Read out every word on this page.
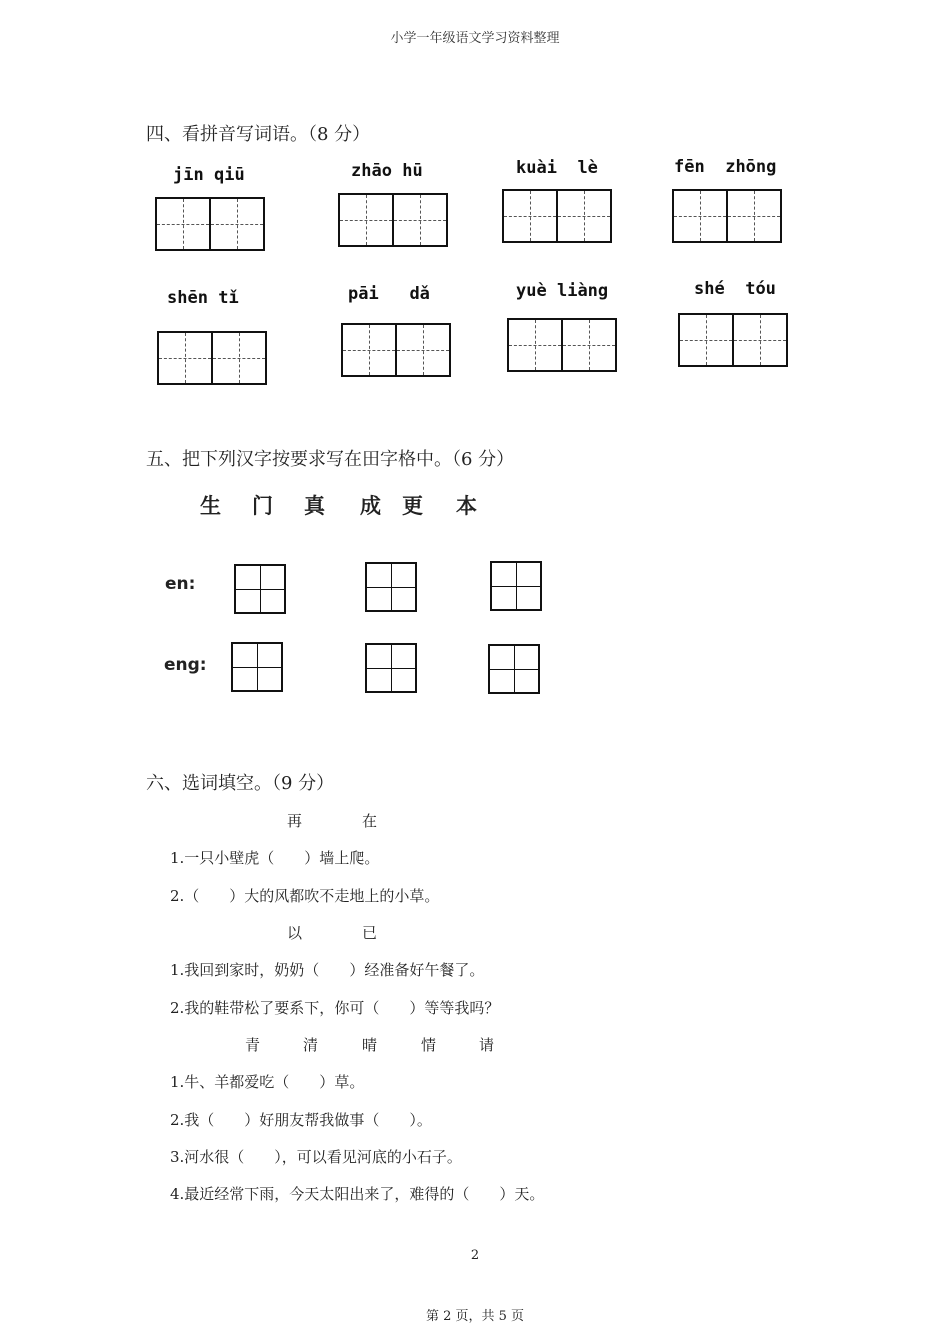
小学一年级语文学习资料整理
四、看拼音写词语。（8 分）
jīn qiū	zhāo hū	kuài lè	fēn zhōng
shēn tǐ	pāi dǎ	yuè liàng	shé tóu
五、把下列汉字按要求写在田字格中。（6 分）
生 门 真 成 更 本
en:
eng:
六、选词填空。（9 分）
再	在
1.一只小壁虎（　　）墙上爬。
2.（　　）大的风都吹不走地上的小草。
以	已
1.我回到家时，奶奶（　　）经准备好午餐了。
2.我的鞋带松了要系下，你可（　　）等等我吗？
青	清	晴	情	请
1.牛、羊都爱吃（　　）草。
2.我（　　）好朋友帮我做事（　　）。
3.河水很（　　），可以看见河底的小石子。
4.最近经常下雨，今天太阳出来了，难得的（　　）天。
2
第 2 页，共 5 页
